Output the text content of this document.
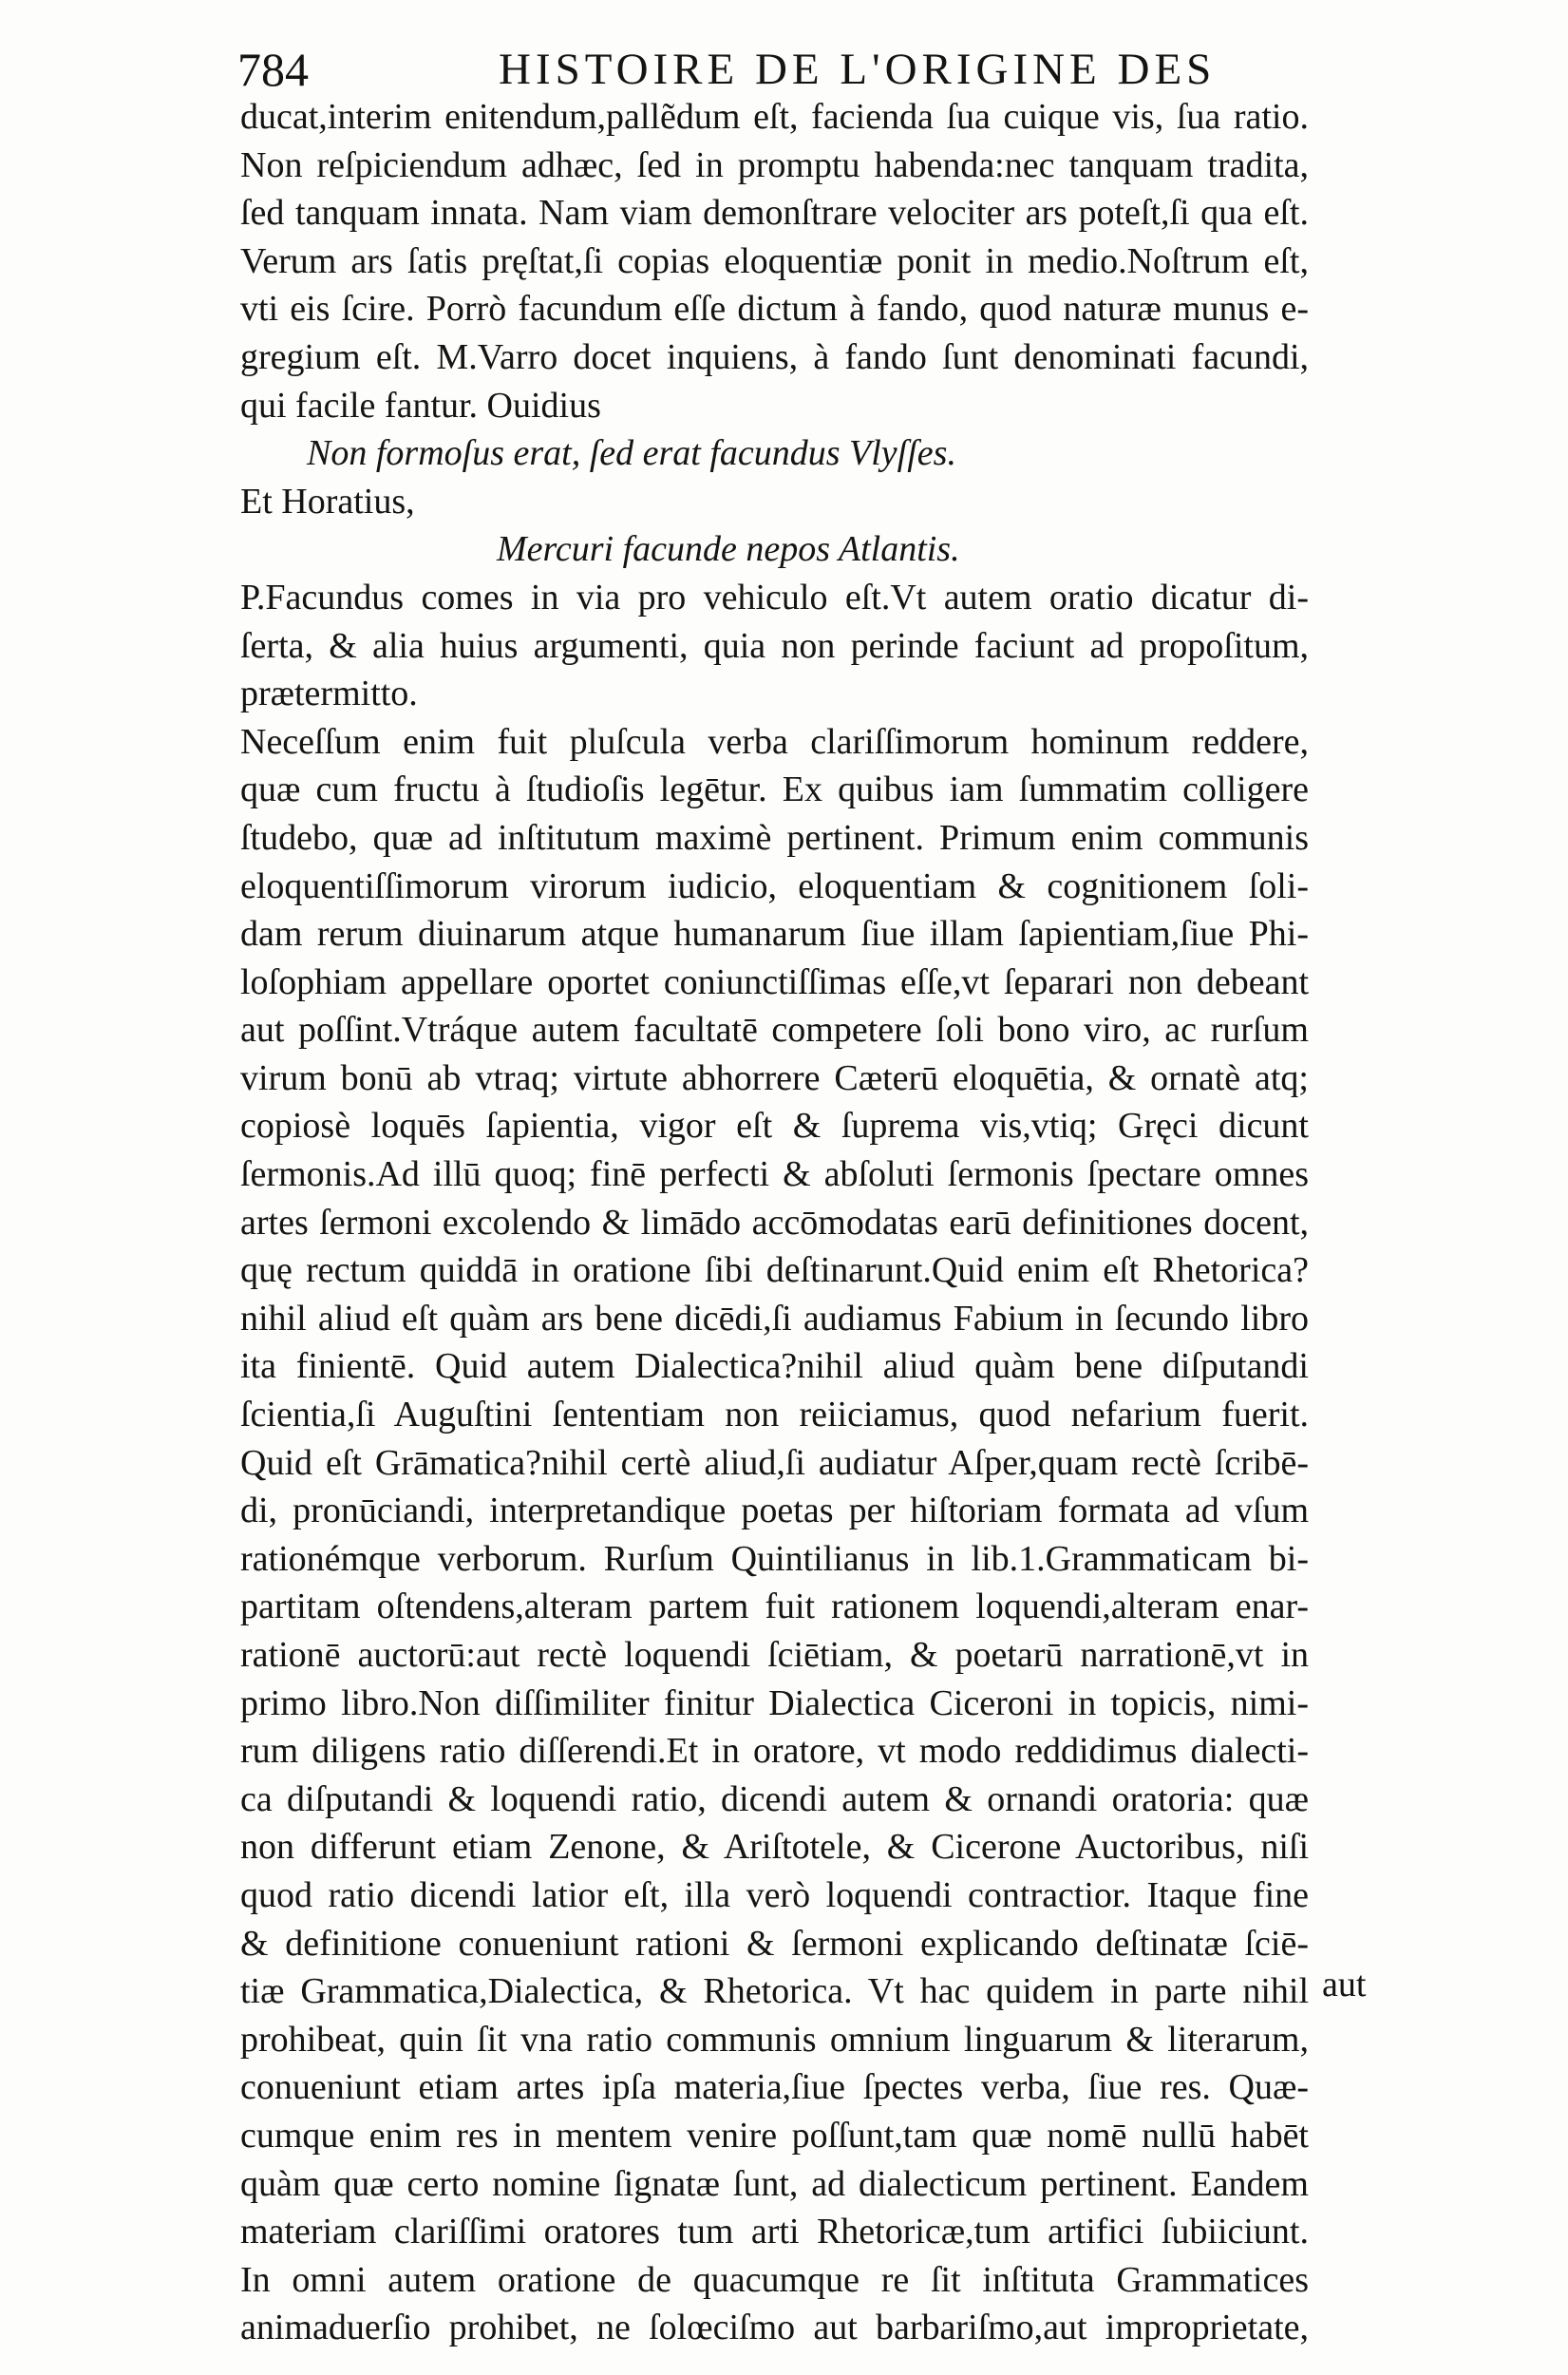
784	HISTOIRE DE L'ORIGINE DES
ducat,interim enitendum,pallẽdum eſt, facienda ſua cuique vis, ſua ratio.
Non reſpiciendum adhæc, ſed in promptu habenda:nec tanquam tradita,
ſed tanquam innata. Nam viam demonſtrare velociter ars poteſt,ſi qua eſt.
Verum ars ſatis pręſtat,ſi copias eloquentiæ ponit in medio.Noſtrum eſt,
vti eis ſcire. Porrò facundum eſſe dictum à fando, quod naturæ munus e-
gregium eſt. M.Varro docet inquiens, à fando ſunt denominati facundi,
qui facile fantur. Ouidius
Non formoſus erat, ſed erat facundus Vlyſſes.
Et Horatius,
Mercuri facunde nepos Atlantis.
P.Facundus comes in via pro vehiculo eſt.Vt autem oratio dicatur di-
ſerta, & alia huius argumenti, quia non perinde faciunt ad propoſitum,
prætermitto.
Neceſſum enim fuit pluſcula verba clariſſimorum hominum reddere,
quæ cum fructu à ſtudioſis legētur. Ex quibus iam ſummatim colligere
ſtudebo, quæ ad inſtitutum maximè pertinent. Primum enim communis
eloquentiſſimorum virorum iudicio, eloquentiam & cognitionem ſoli-
dam rerum diuinarum atque humanarum ſiue illam ſapientiam,ſiue Phi-
loſophiam appellare oportet coniunctiſſimas eſſe,vt ſeparari non debeant
aut poſſint.Vtráque autem facultatē competere ſoli bono viro, ac rurſum
virum bonū ab vtraq; virtute abhorrere Cæterū eloquētia, & ornatè atq;
copiosè loquēs ſapientia, vigor eſt & ſuprema vis,vtiq; Gręci dicunt
ſermonis.Ad illū quoq; finē perfecti & abſoluti ſermonis ſpectare omnes
artes ſermoni excolendo & limādo accōmodatas earū definitiones docent,
quę rectum quiddā in oratione ſibi deſtinarunt.Quid enim eſt Rhetorica?
nihil aliud eſt quàm ars bene dicēdi,ſi audiamus Fabium in ſecundo libro
ita finientē. Quid autem Dialectica?nihil aliud quàm bene diſputandi
ſcientia,ſi Auguſtini ſententiam non reiiciamus, quod nefarium fuerit.
Quid eſt Grāmatica?nihil certè aliud,ſi audiatur Aſper,quam rectè ſcribē-
di, pronūciandi, interpretandique poetas per hiſtoriam formata ad vſum
rationémque verborum. Rurſum Quintilianus in lib.1.Grammaticam bi-
partitam oſtendens,alteram partem fuit rationem loquendi,alteram enar-
rationē auctorū:aut rectè loquendi ſciētiam, & poetarū narrationē,vt in
primo libro.Non diſſimiliter finitur Dialectica Ciceroni in topicis, nimi-
rum diligens ratio diſſerendi.Et in oratore, vt modo reddidimus dialecti-
ca diſputandi & loquendi ratio, dicendi autem & ornandi oratoria: quæ
non differunt etiam Zenone, & Ariſtotele, & Cicerone Auctoribus, niſi
quod ratio dicendi latior eſt, illa verò loquendi contractior. Itaque fine
& definitione conueniunt rationi & ſermoni explicando deſtinatæ ſciē-
tiæ Grammatica,Dialectica, & Rhetorica. Vt hac quidem in parte nihil
prohibeat, quin ſit vna ratio communis omnium linguarum & literarum,
conueniunt etiam artes ipſa materia,ſiue ſpectes verba, ſiue res. Quæ-
cumque enim res in mentem venire poſſunt,tam quæ nomē nullū habēt
quàm quæ certo nomine ſignatæ ſunt, ad dialecticum pertinent. Eandem
materiam clariſſimi oratores tum arti Rhetoricæ,tum artifici ſubiiciunt.
In omni autem oratione de quacumque re ſit inſtituta Grammatices
animaduerſio prohibet, ne ſolœciſmo aut barbariſmo,aut improprietate,
aut
